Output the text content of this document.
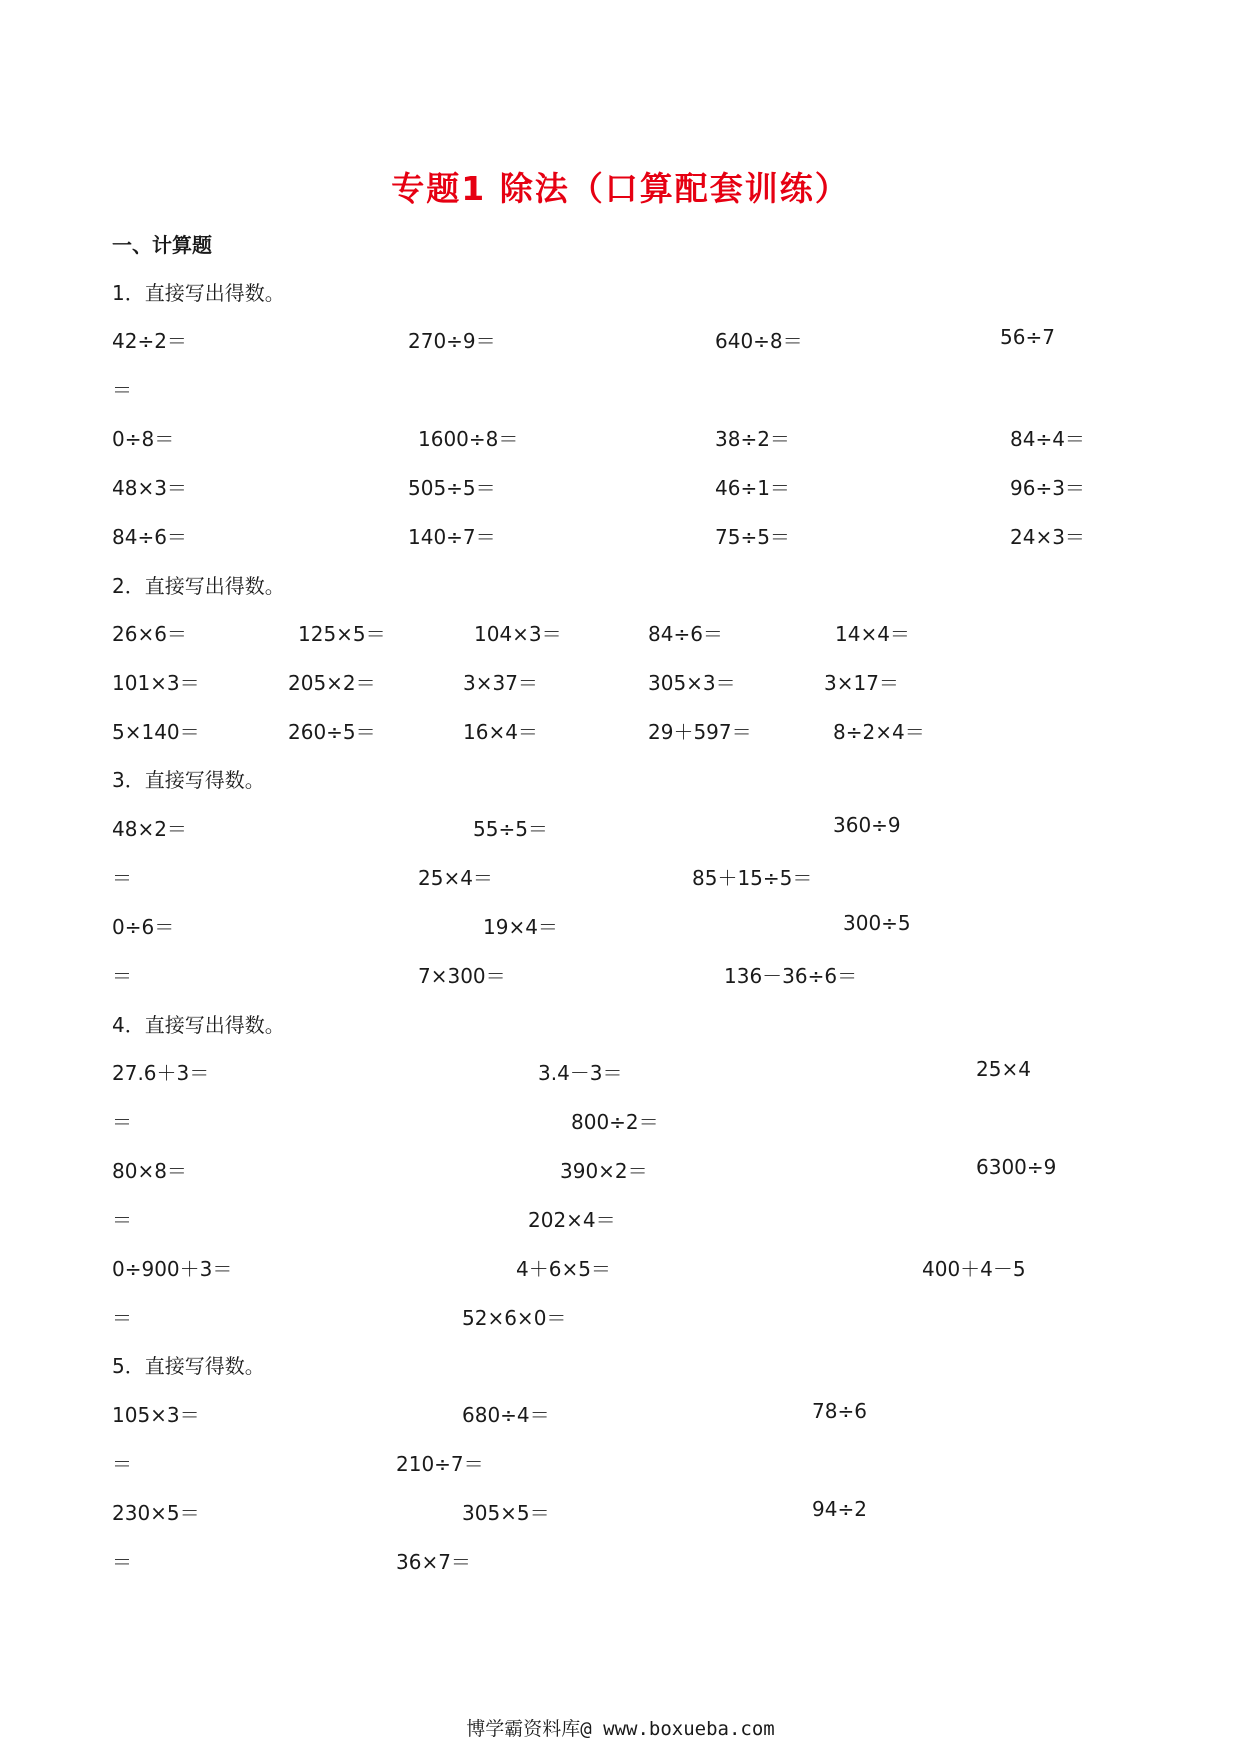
专题1 除法（口算配套训练）
一、计算题
1．直接写出得数。
42÷2＝	270÷9＝	640÷8＝	56÷7
＝
0÷8＝	1600÷8＝	38÷2＝	84÷4＝
48×3＝	505÷5＝	46÷1＝	96÷3＝
84÷6＝	140÷7＝	75÷5＝	24×3＝
2．直接写出得数。
26×6＝	125×5＝	104×3＝	84÷6＝	14×4＝
101×3＝	205×2＝	3×37＝	305×3＝	3×17＝
5×140＝	260÷5＝	16×4＝	29＋597＝	8÷2×4＝
3．直接写得数。
48×2＝	55÷5＝	360÷9
＝	25×4＝	85＋15÷5＝
0÷6＝	19×4＝	300÷5
＝	7×300＝	136－36÷6＝
4．直接写出得数。
27.6＋3＝	3.4－3＝	25×4
＝	800÷2＝
80×8＝	390×2＝	6300÷9
＝	202×4＝
0÷900＋3＝	4＋6×5＝	400＋4－5
＝	52×6×0＝
5．直接写得数。
105×3＝	680÷4＝	78÷6
＝	210÷7＝
230×5＝	305×5＝	94÷2
＝	36×7＝
博学霸资料库@ www.boxueba.com
